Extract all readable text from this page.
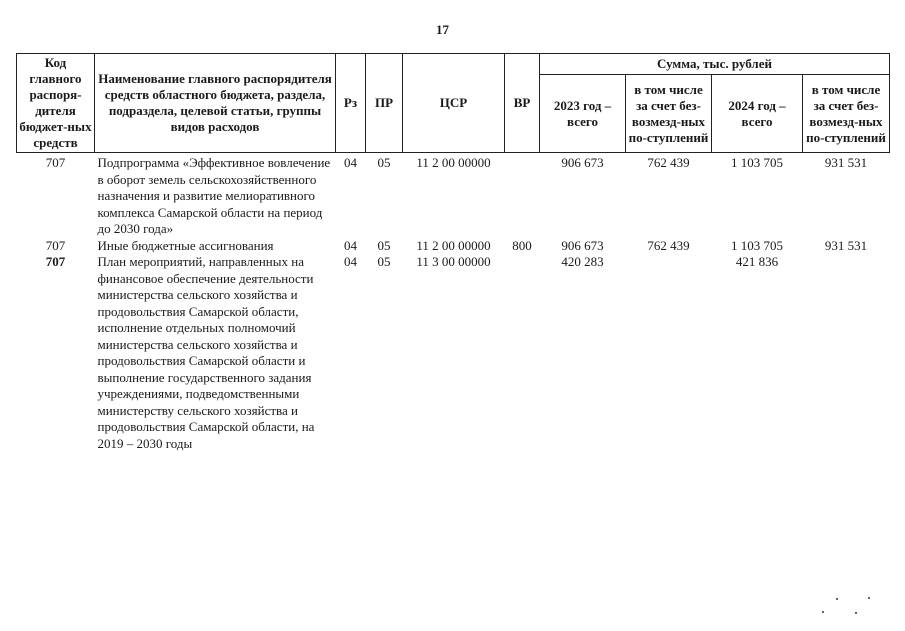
17
Код главного распоря-дителя бюджет-ных средств	Наименование главного распорядителя средств областного бюджета, раздела, подраздела, целевой статьи, группы видов расходов	Рз	ПР	ЦСР	ВР	Сумма, тыс. рублей			
						2023 год – всего	в том числе за счет без-возмезд-ных по-ступлений	2024 год – всего	в том числе за счет без-возмезд-ных по-ступлений
707	Подпрограмма «Эффективное вовлечение в оборот земель сельскохозяйственного назначения и развитие мелиоративного комплекса Самарской области на период до 2030 года»	04	05	11 2 00 00000		906 673	762 439	1 103 705	931 531
707	Иные бюджетные ассигнования	04	05	11 2 00 00000	800	906 673	762 439	1 103 705	931 531
707	План мероприятий, направленных на финансовое обеспечение деятельности министерства сельского хозяйства и продовольствия Самарской области, исполнение отдельных полномочий министерства сельского хозяйства и продовольствия Самарской области и выполнение государственного задания учреждениями, подведомственными министерству сельского хозяйства и продовольствия Самарской области, на 2019 – 2030 годы	04	05	11 3 00 00000		420 283		421 836	
